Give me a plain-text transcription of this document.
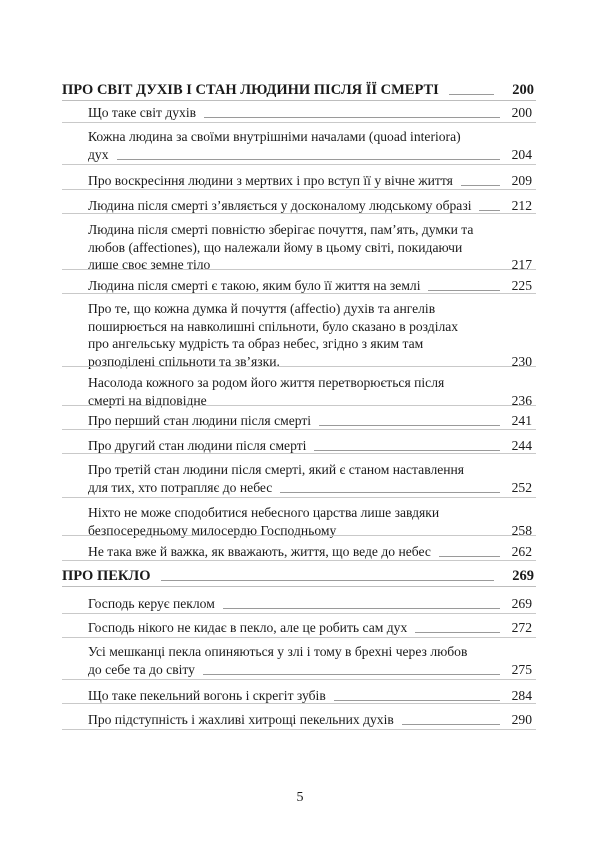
ПРО СВІТ ДУХІВ І СТАН ЛЮДИНИ ПІСЛЯ ЇЇ СМЕРТІ	200
Що таке світ духів	200
Кожна людина за своїми внутрішніми началами (quoad interiora)
дух	204
Про воскресіння людини з мертвих і про вступ її у вічне життя	209
Людина після смерті з’являється у досконалому людському образі	212
Людина після смерті повністю зберігає почуття, пам’ять, думки та
любов (affectiones), що належали йому в цьому світі, покидаючи
лише своє земне тіло	217
Людина після смерті є такою, яким було її життя на землі	225
Про те, що кожна думка й почуття (affectio) духів та ангелів
поширюється на навколишні спільноти, було сказано в розділах
про ангельську мудрість та образ небес, згідно з яким там
розподілені спільноти та зв’язки.	230
Насолода кожного за родом його життя перетворюється після
смерті на відповідне	236
Про перший стан людини після смерті	241
Про другий стан людини після смерті	244
Про третій стан людини після смерті, який є станом наставлення
для тих, хто потрапляє до небес	252
Ніхто не може сподобитися небесного царства лише завдяки
безпосередньому милосердю Господньому	258
Не така вже й важка, як вважають, життя, що веде до небес	262
ПРО ПЕКЛО	269
Господь керує пеклом	269
Господь нікого не кидає в пекло, але це робить сам дух	272
Усі мешканці пекла опиняються у злі і тому в брехні через любов
до себе та до світу	275
Що таке пекельний вогонь і скрегіт зубів	284
Про підступність і жахливі хитрощі пекельних духів	290
5
